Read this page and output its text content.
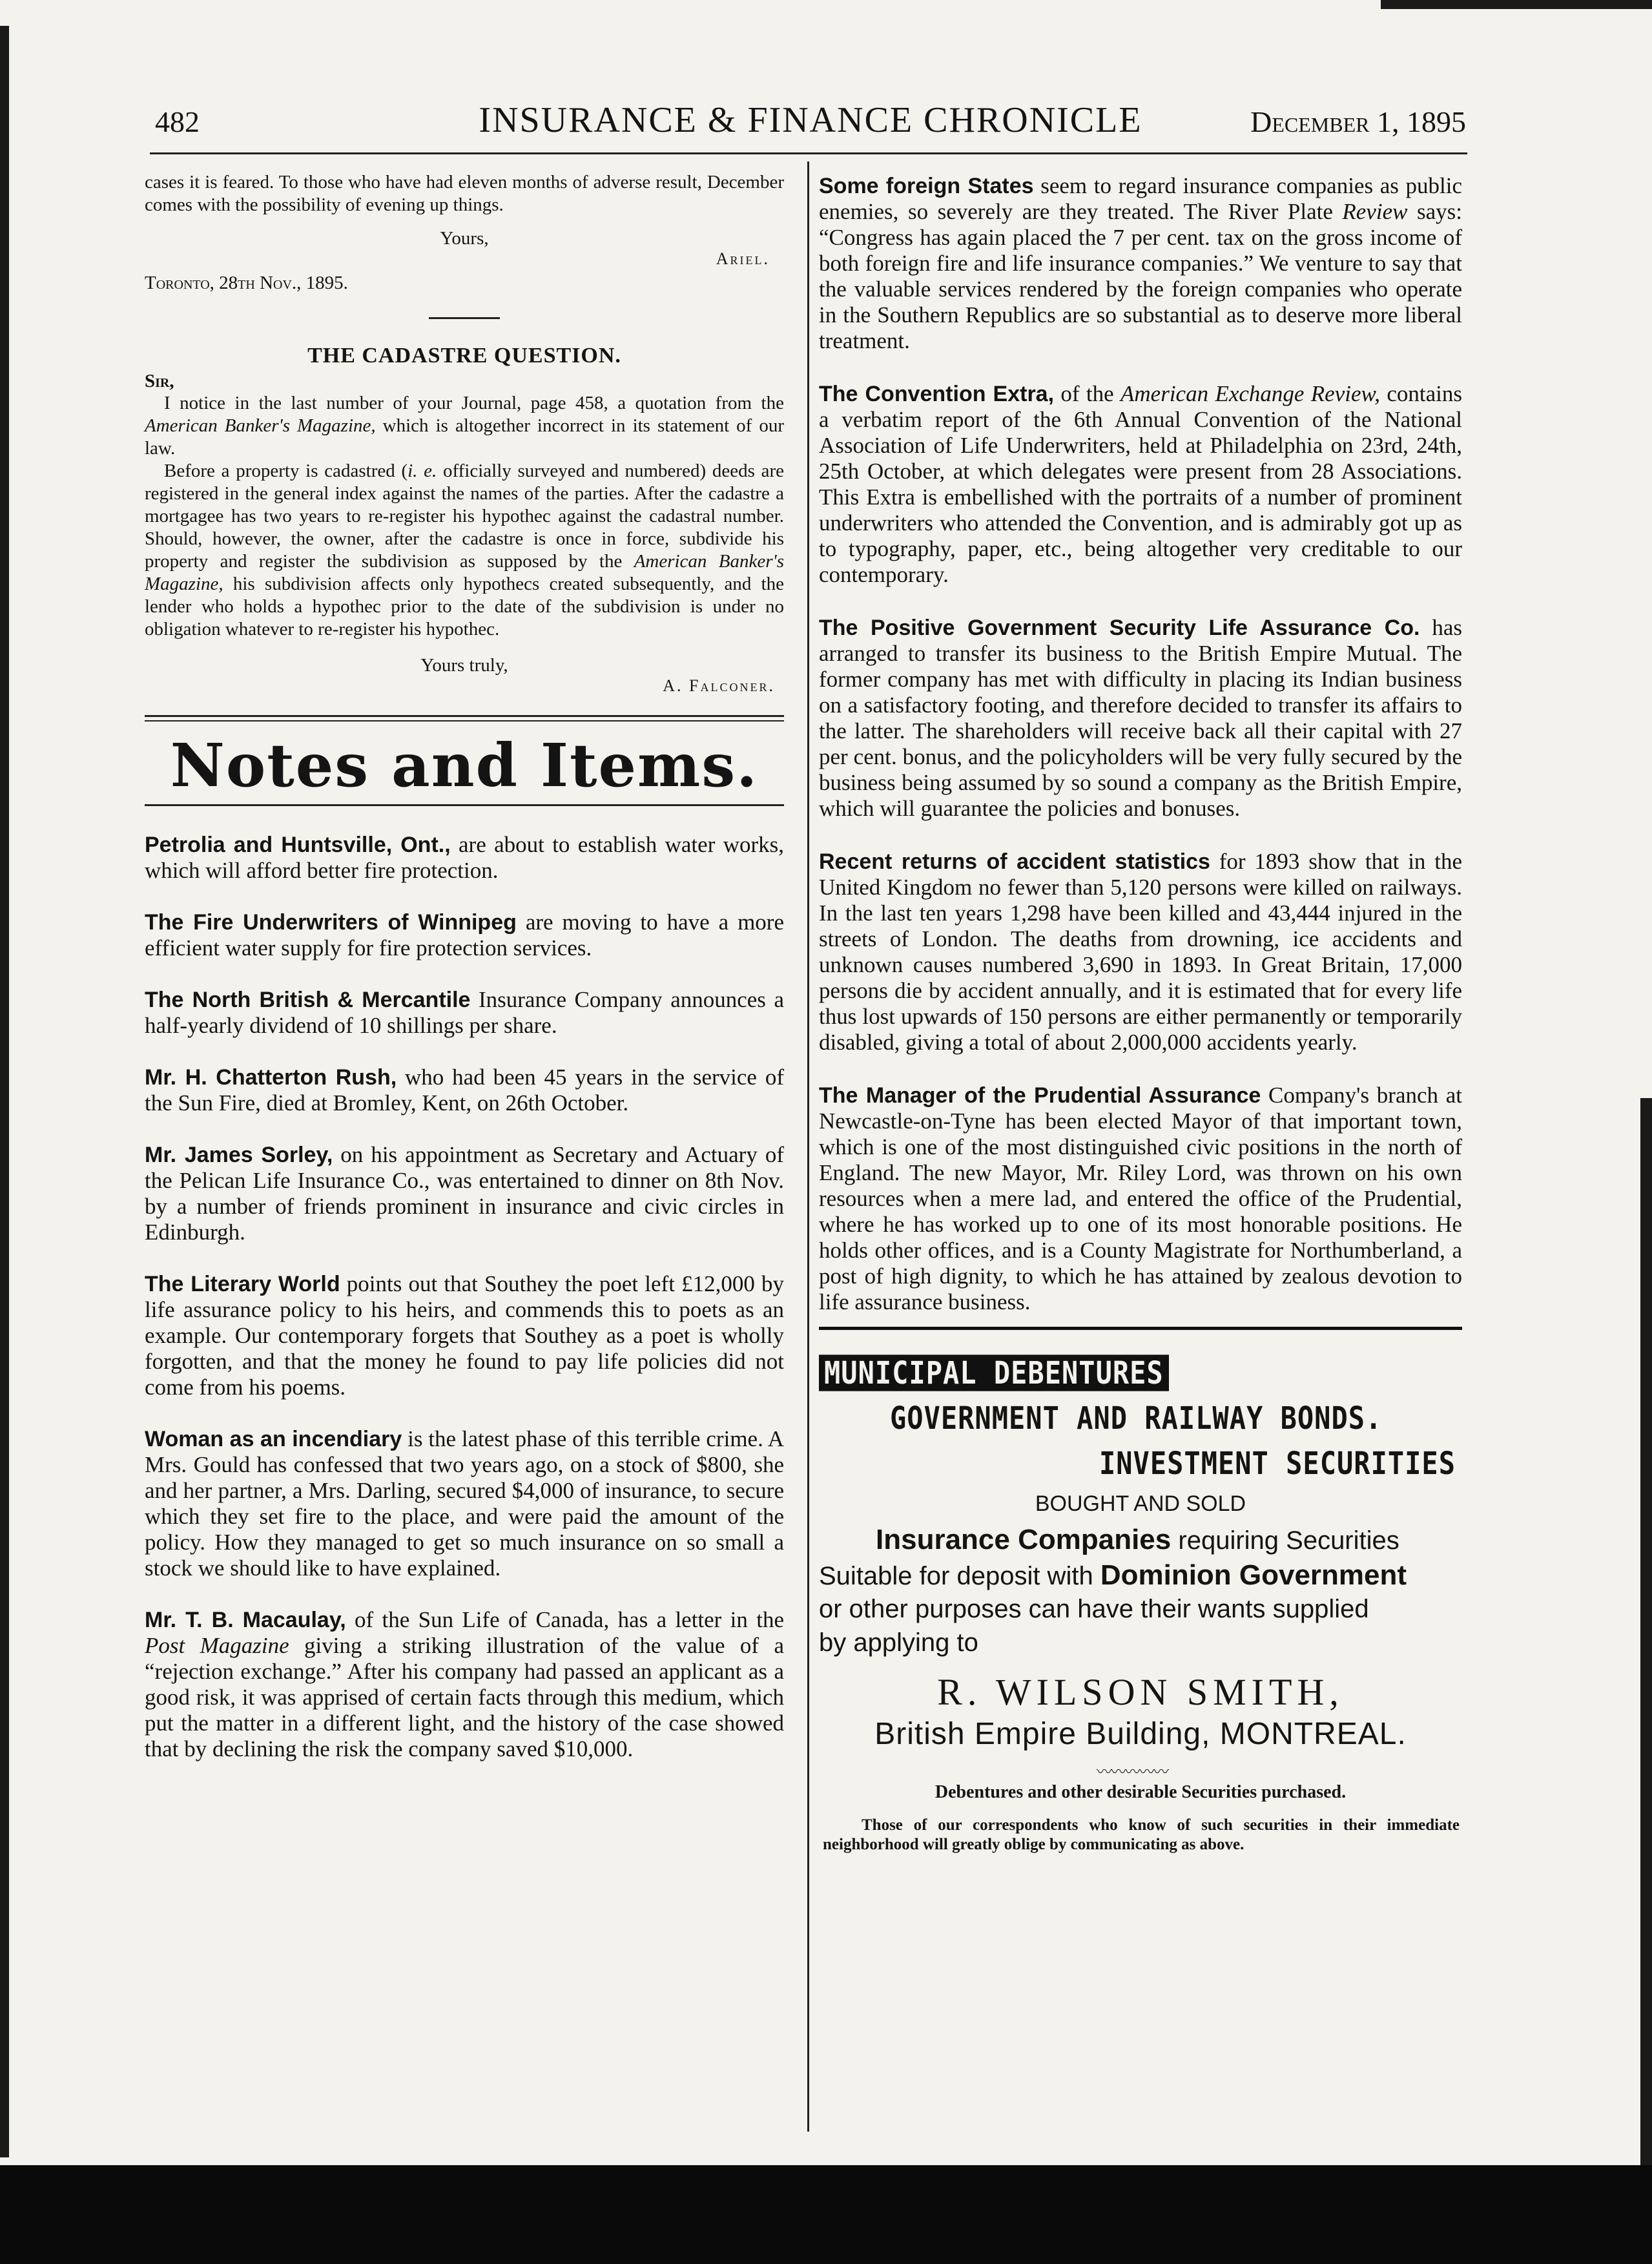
482	INSURANCE & FINANCE CHRONICLE	December 1, 1895

cases it is feared. To those who have had eleven months of adverse result, December comes with the possibility of evening up things.

Yours,

Ariel.

Toronto, 28th Nov., 1895.

THE CADASTRE QUESTION.

Sir,

I notice in the last number of your Journal, page 458, a quotation from the American Banker's Magazine, which is altogether incorrect in its statement of our law.

Before a property is cadastred (i. e. officially surveyed and numbered) deeds are registered in the general index against the names of the parties. After the cadastre a mortgagee has two years to re-register his hypothec against the cadastral number. Should, however, the owner, after the cadastre is once in force, subdivide his property and register the subdivision as supposed by the American Banker's Magazine, his subdivision affects only hypothecs created subsequently, and the lender who holds a hypothec prior to the date of the subdivision is under no obligation whatever to re-register his hypothec.

Yours truly,

A. Falconer.

Notes and Items.

Petrolia and Huntsville, Ont., are about to establish water works, which will afford better fire protection.

The Fire Underwriters of Winnipeg are moving to have a more efficient water supply for fire protection services.

The North British & Mercantile Insurance Company announces a half-yearly dividend of 10 shillings per share.

Mr. H. Chatterton Rush, who had been 45 years in the service of the Sun Fire, died at Bromley, Kent, on 26th October.

Mr. James Sorley, on his appointment as Secretary and Actuary of the Pelican Life Insurance Co., was entertained to dinner on 8th Nov. by a number of friends prominent in insurance and civic circles in Edinburgh.

The Literary World points out that Southey the poet left £12,000 by life assurance policy to his heirs, and commends this to poets as an example. Our contemporary forgets that Southey as a poet is wholly forgotten, and that the money he found to pay life policies did not come from his poems.

Woman as an incendiary is the latest phase of this terrible crime. A Mrs. Gould has confessed that two years ago, on a stock of $800, she and her partner, a Mrs. Darling, secured $4,000 of insurance, to secure which they set fire to the place, and were paid the amount of the policy. How they managed to get so much insurance on so small a stock we should like to have explained.

Mr. T. B. Macaulay, of the Sun Life of Canada, has a letter in the Post Magazine giving a striking illustration of the value of a “rejection exchange.” After his company had passed an applicant as a good risk, it was apprised of certain facts through this medium, which put the matter in a different light, and the history of the case showed that by declining the risk the company saved $10,000.

Some foreign States seem to regard insurance companies as public enemies, so severely are they treated. The River Plate Review says: “Congress has again placed the 7 per cent. tax on the gross income of both foreign fire and life insurance companies.” We venture to say that the valuable services rendered by the foreign companies who operate in the Southern Republics are so substantial as to deserve more liberal treatment.

The Convention Extra, of the American Exchange Review, contains a verbatim report of the 6th Annual Convention of the National Association of Life Underwriters, held at Philadelphia on 23rd, 24th, 25th October, at which delegates were present from 28 Associations. This Extra is embellished with the portraits of a number of prominent underwriters who attended the Convention, and is admirably got up as to typography, paper, etc., being altogether very creditable to our contemporary.

The Positive Government Security Life Assurance Co. has arranged to transfer its business to the British Empire Mutual. The former company has met with difficulty in placing its Indian business on a satisfactory footing, and therefore decided to transfer its affairs to the latter. The shareholders will receive back all their capital with 27 per cent. bonus, and the policyholders will be very fully secured by the business being assumed by so sound a company as the British Empire, which will guarantee the policies and bonuses.

Recent returns of accident statistics for 1893 show that in the United Kingdom no fewer than 5,120 persons were killed on railways. In the last ten years 1,298 have been killed and 43,444 injured in the streets of London. The deaths from drowning, ice accidents and unknown causes numbered 3,690 in 1893. In Great Britain, 17,000 persons die by accident annually, and it is estimated that for every life thus lost upwards of 150 persons are either permanently or temporarily disabled, giving a total of about 2,000,000 accidents yearly.

The Manager of the Prudential Assurance Company's branch at Newcastle-on-Tyne has been elected Mayor of that important town, which is one of the most distinguished civic positions in the north of England. The new Mayor, Mr. Riley Lord, was thrown on his own resources when a mere lad, and entered the office of the Prudential, where he has worked up to one of its most honorable positions. He holds other offices, and is a County Magistrate for Northumberland, a post of high dignity, to which he has attained by zealous devotion to life assurance business.

MUNICIPAL DEBENTURES
GOVERNMENT AND RAILWAY BONDS.
INVESTMENT SECURITIES
BOUGHT AND SOLD
Insurance Companies requiring Securities
Suitable for deposit with Dominion Government
or other purposes can have their wants supplied
by applying to
R. WILSON SMITH,
British Empire Building, MONTREAL.
〰〰〰〰〰
Debentures and other desirable Securities purchased.
Those of our correspondents who know of such securities in their immediate neighborhood will greatly oblige by communicating as above.
